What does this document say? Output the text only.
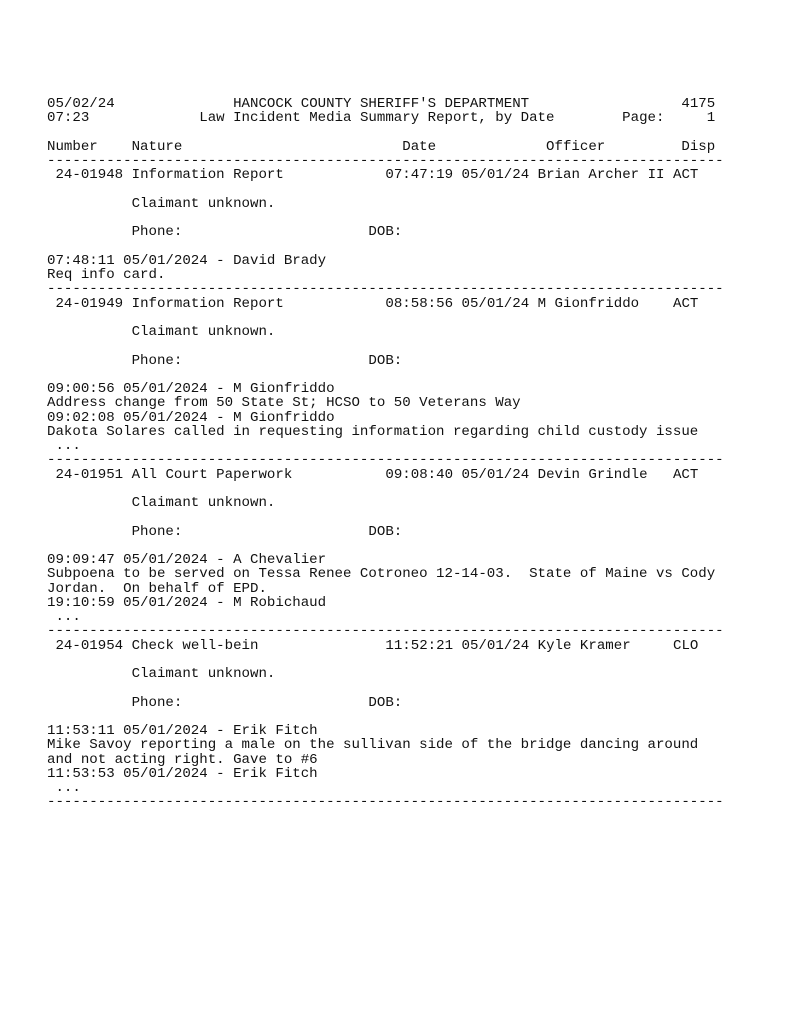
05/02/24	HANCOCK COUNTY SHERIFF'S DEPARTMENT	4175
07:23	Law Incident Media Summary Report, by Date	Page:	1
Number Nature	Date	Officer	Disp
--------------------------------------------------------------------------------
24-01948 Information Report	07:47:19 05/01/24 Brian Archer II ACT
Claimant unknown.
Phone:	DOB:
07:48:11 05/01/2024 - David Brady
Req info card.
--------------------------------------------------------------------------------
24-01949 Information Report	08:58:56 05/01/24 M Gionfriddo ACT
Claimant unknown.
Phone:	DOB:
09:00:56 05/01/2024 - M Gionfriddo
Address change from 50 State St; HCSO to 50 Veterans Way
09:02:08 05/01/2024 - M Gionfriddo
Dakota Solares called in requesting information regarding child custody issue
...
--------------------------------------------------------------------------------
24-01951 All Court Paperwork	09:08:40 05/01/24 Devin Grindle ACT
Claimant unknown.
Phone:	DOB:
09:09:47 05/01/2024 - A Chevalier
Subpoena to be served on Tessa Renee Cotroneo 12-14-03.  State of Maine vs Cody
Jordan.  On behalf of EPD.
19:10:59 05/01/2024 - M Robichaud
...
--------------------------------------------------------------------------------
24-01954 Check well-bein	11:52:21 05/01/24 Kyle Kramer	CLO
Claimant unknown.
Phone:	DOB:
11:53:11 05/01/2024 - Erik Fitch
Mike Savoy reporting a male on the sullivan side of the bridge dancing around
and not acting right. Gave to #6
11:53:53 05/01/2024 - Erik Fitch
...
--------------------------------------------------------------------------------
